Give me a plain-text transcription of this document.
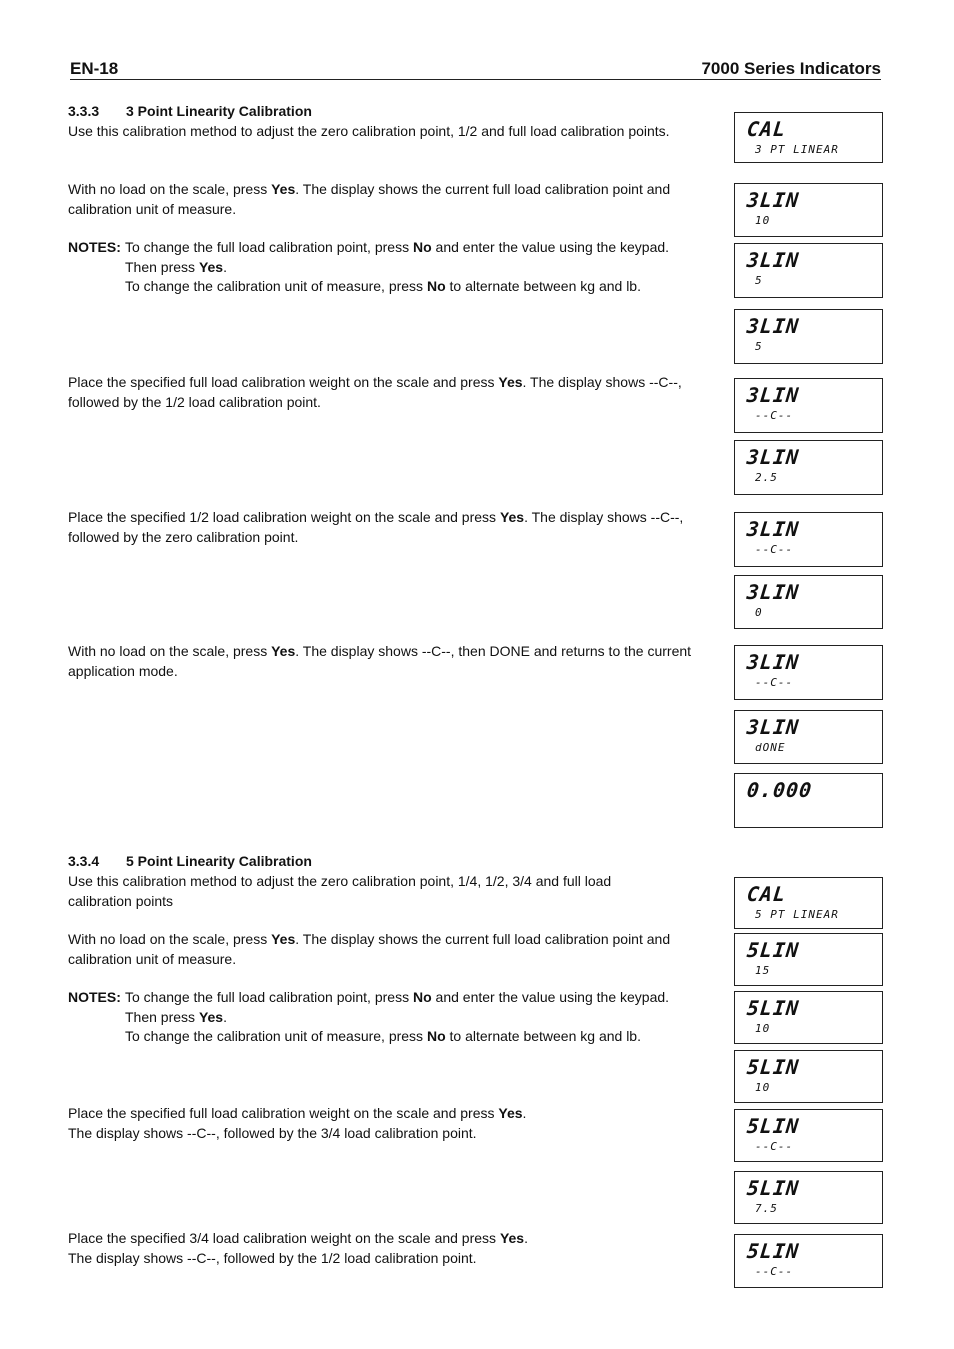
EN-18	7000 Series Indicators
3.3.3 3 Point Linearity Calibration
Use this calibration method to adjust the zero calibration point, 1/2 and full load calibration points.
With no load on the scale, press Yes. The display shows the current full load calibration point and calibration unit of measure.
NOTES: To change the full load calibration point, press No and enter the value using the keypad.
Then press Yes.
To change the calibration unit of measure, press No to alternate between kg and lb.
Place the specified full load calibration weight on the scale and press Yes. The display shows --C--, followed by the 1/2 load calibration point.
Place the specified 1/2 load calibration weight on the scale and press Yes. The display shows --C--, followed by the zero calibration point.
With no load on the scale, press Yes. The display shows --C--, then DONE and returns to the current application mode.
3.3.4 5 Point Linearity Calibration
Use this calibration method to adjust the zero calibration point, 1/4, 1/2, 3/4 and full load calibration points
With no load on the scale, press Yes. The display shows the current full load calibration point and calibration unit of measure.
NOTES: To change the full load calibration point, press No and enter the value using the keypad.
Then press Yes.
To change the calibration unit of measure, press No to alternate between kg and lb.
Place the specified full load calibration weight on the scale and press Yes.
The display shows --C--, followed by the 3/4 load calibration point.
Place the specified 3/4 load calibration weight on the scale and press Yes.
The display shows --C--, followed by the 1/2 load calibration point.
CAL
3 PT LINEAR
3LIN
10
3LIN
5
3LIN
5
3LIN
--C--
3LIN
2.5
3LIN
--C--
3LIN
0
3LIN
--C--
3LIN
dONE
0.000
CAL
5 PT LINEAR
5LIN
15
5LIN
10
5LIN
10
5LIN
--C--
5LIN
7.5
5LIN
--C--
